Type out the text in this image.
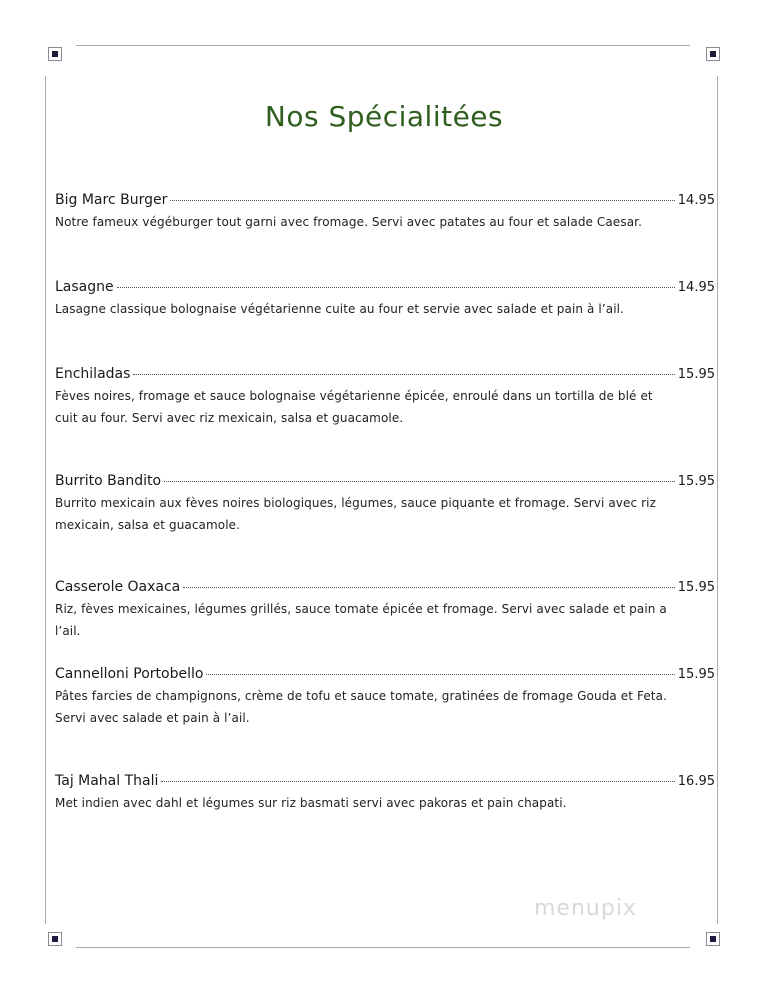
Nos Spécialitées
Big Marc Burger	14.95
Notre fameux végéburger tout garni avec fromage. Servi avec patates au four et salade Caesar.
Lasagne	14.95
Lasagne classique bolognaise végétarienne cuite au four et servie avec salade et pain à l’ail.
Enchiladas	15.95
Fèves noires, fromage et sauce bolognaise végétarienne épicée, enroulé dans un tortilla de blé et cuit au four. Servi avec riz mexicain, salsa et guacamole.
Burrito Bandito	15.95
Burrito mexicain aux fèves noires biologiques, légumes, sauce piquante et fromage. Servi avec riz mexicain, salsa et guacamole.
Casserole Oaxaca	15.95
Riz, fèves mexicaines, légumes grillés, sauce tomate épicée et fromage. Servi avec salade et pain a l’ail.
Cannelloni Portobello	15.95
Pâtes farcies de champignons, crème de tofu et sauce tomate, gratinées de fromage Gouda et Feta. Servi avec salade et pain à l’ail.
Taj Mahal Thali	16.95
Met indien avec dahl et légumes sur riz basmati servi avec pakoras et pain chapati.
menupix
